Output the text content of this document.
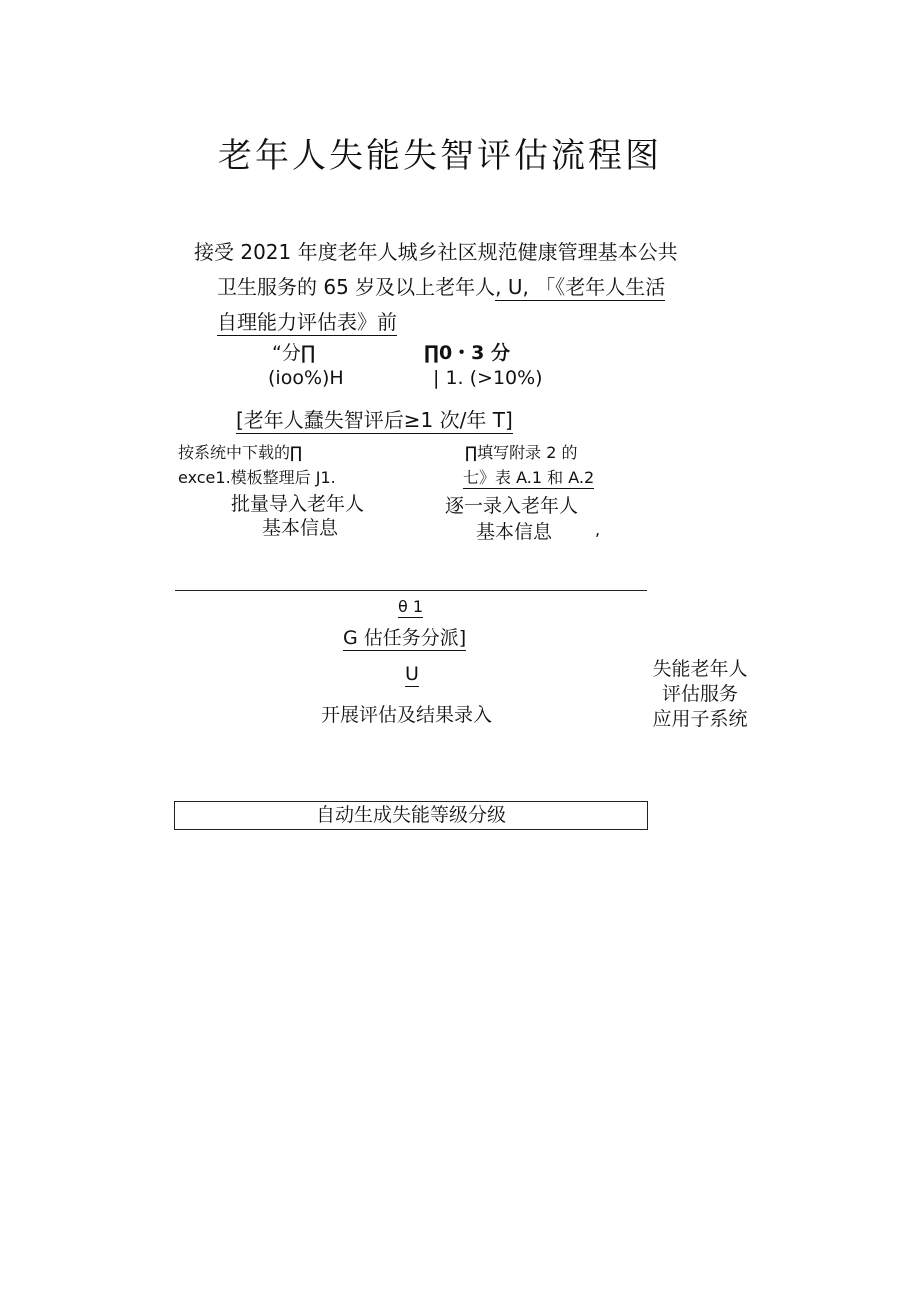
老年人失能失智评估流程图
接受 2021 年度老年人城乡社区规范健康管理基本公共
卫生服务的 65 岁及以上老年人, U, 「《老年人生活
自理能力评估表》前
“分∏
(ioo%)H
∏0・3 分
| 1. (>10%)
[老年人蠢失智评后≥1 次/年 T]
按系统中下载的∏
exce1.模板整理后 J1.
批量导入老年人
基本信息
∏填写附录 2 的
七》表 A.1 和 A.2
逐一录入老年人
基本信息	,
θ 1
G 估任务分派]
U
开展评估及结果录入
失能老年人
评估服务
应用子系统
自动生成失能等级分级
